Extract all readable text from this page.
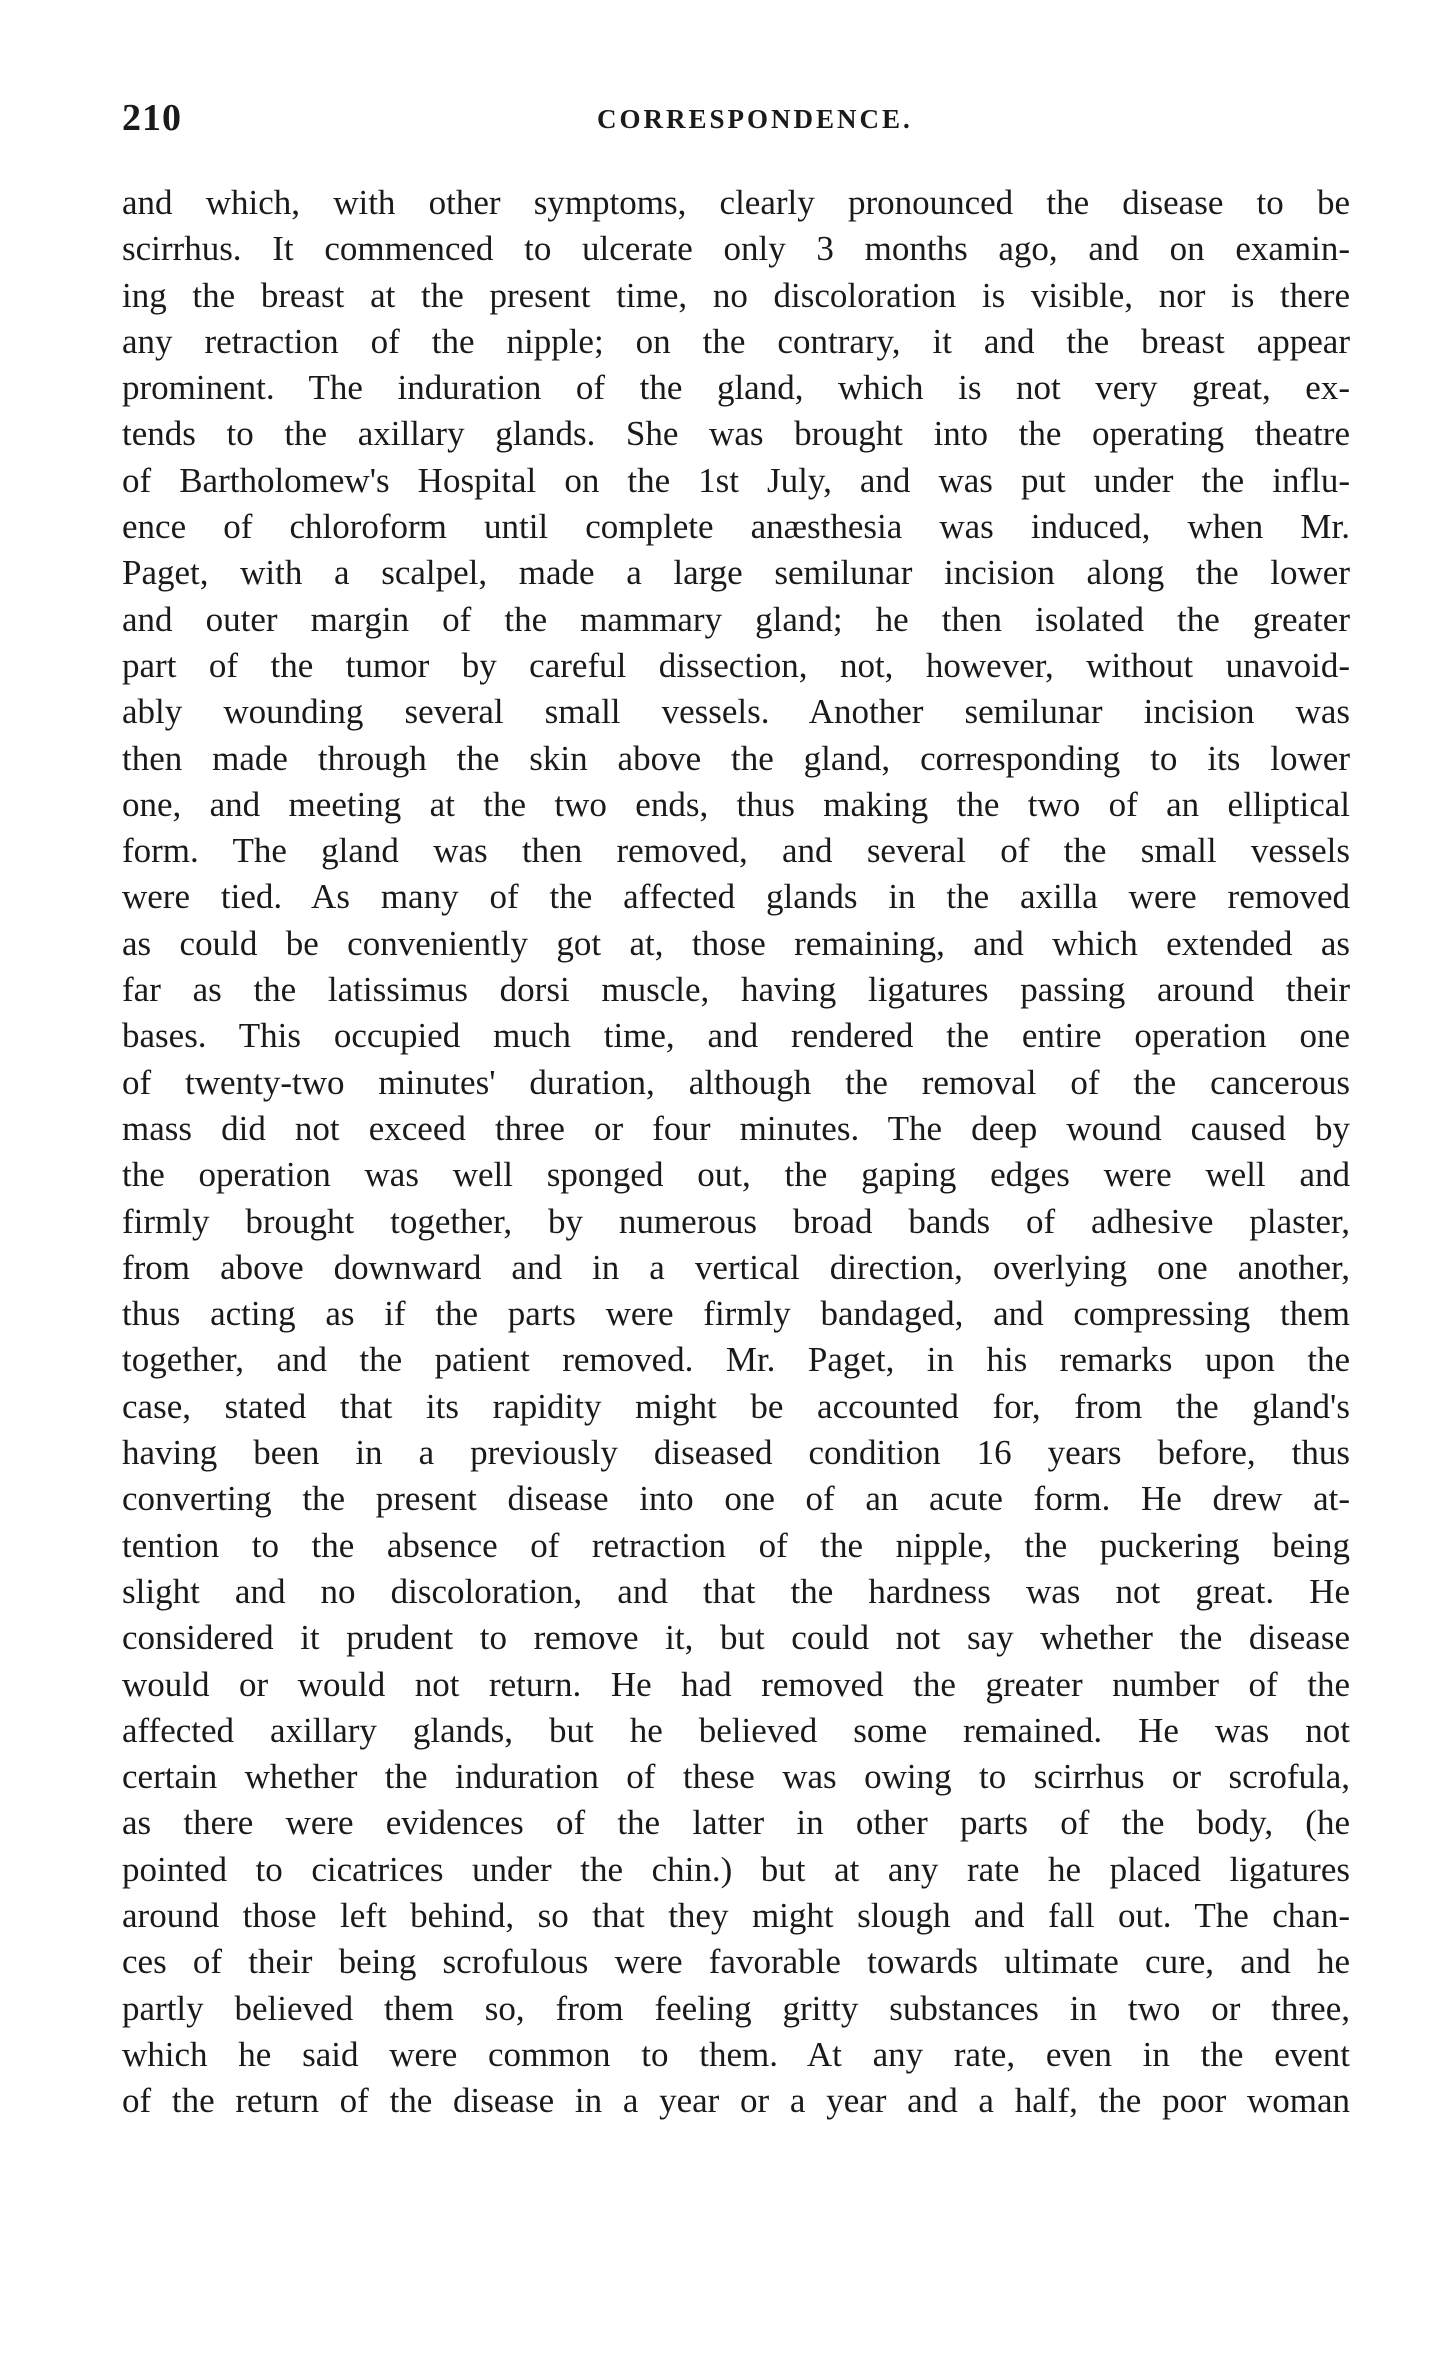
210	CORRESPONDENCE.
and which, with other symptoms, clearly pronounced the disease to be
scirrhus. It commenced to ulcerate only 3 months ago, and on examin-
ing the breast at the present time, no discoloration is visible, nor is there
any retraction of the nipple; on the contrary, it and the breast appear
prominent. The induration of the gland, which is not very great, ex-
tends to the axillary glands. She was brought into the operating theatre
of Bartholomew's Hospital on the 1st July, and was put under the influ-
ence of chloroform until complete anæsthesia was induced, when Mr.
Paget, with a scalpel, made a large semilunar incision along the lower
and outer margin of the mammary gland; he then isolated the greater
part of the tumor by careful dissection, not, however, without unavoid-
ably wounding several small vessels. Another semilunar incision was
then made through the skin above the gland, corresponding to its lower
one, and meeting at the two ends, thus making the two of an elliptical
form. The gland was then removed, and several of the small vessels
were tied. As many of the affected glands in the axilla were removed
as could be conveniently got at, those remaining, and which extended as
far as the latissimus dorsi muscle, having ligatures passing around their
bases. This occupied much time, and rendered the entire operation one
of twenty-two minutes' duration, although the removal of the cancerous
mass did not exceed three or four minutes. The deep wound caused by
the operation was well sponged out, the gaping edges were well and
firmly brought together, by numerous broad bands of adhesive plaster,
from above downward and in a vertical direction, overlying one another,
thus acting as if the parts were firmly bandaged, and compressing them
together, and the patient removed. Mr. Paget, in his remarks upon the
case, stated that its rapidity might be accounted for, from the gland's
having been in a previously diseased condition 16 years before, thus
converting the present disease into one of an acute form. He drew at-
tention to the absence of retraction of the nipple, the puckering being
slight and no discoloration, and that the hardness was not great. He
considered it prudent to remove it, but could not say whether the disease
would or would not return. He had removed the greater number of the
affected axillary glands, but he believed some remained. He was not
certain whether the induration of these was owing to scirrhus or scrofula,
as there were evidences of the latter in other parts of the body, (he
pointed to cicatrices under the chin.) but at any rate he placed ligatures
around those left behind, so that they might slough and fall out. The chan-
ces of their being scrofulous were favorable towards ultimate cure, and he
partly believed them so, from feeling gritty substances in two or three,
which he said were common to them. At any rate, even in the event
of the return of the disease in a year or a year and a half, the poor woman
